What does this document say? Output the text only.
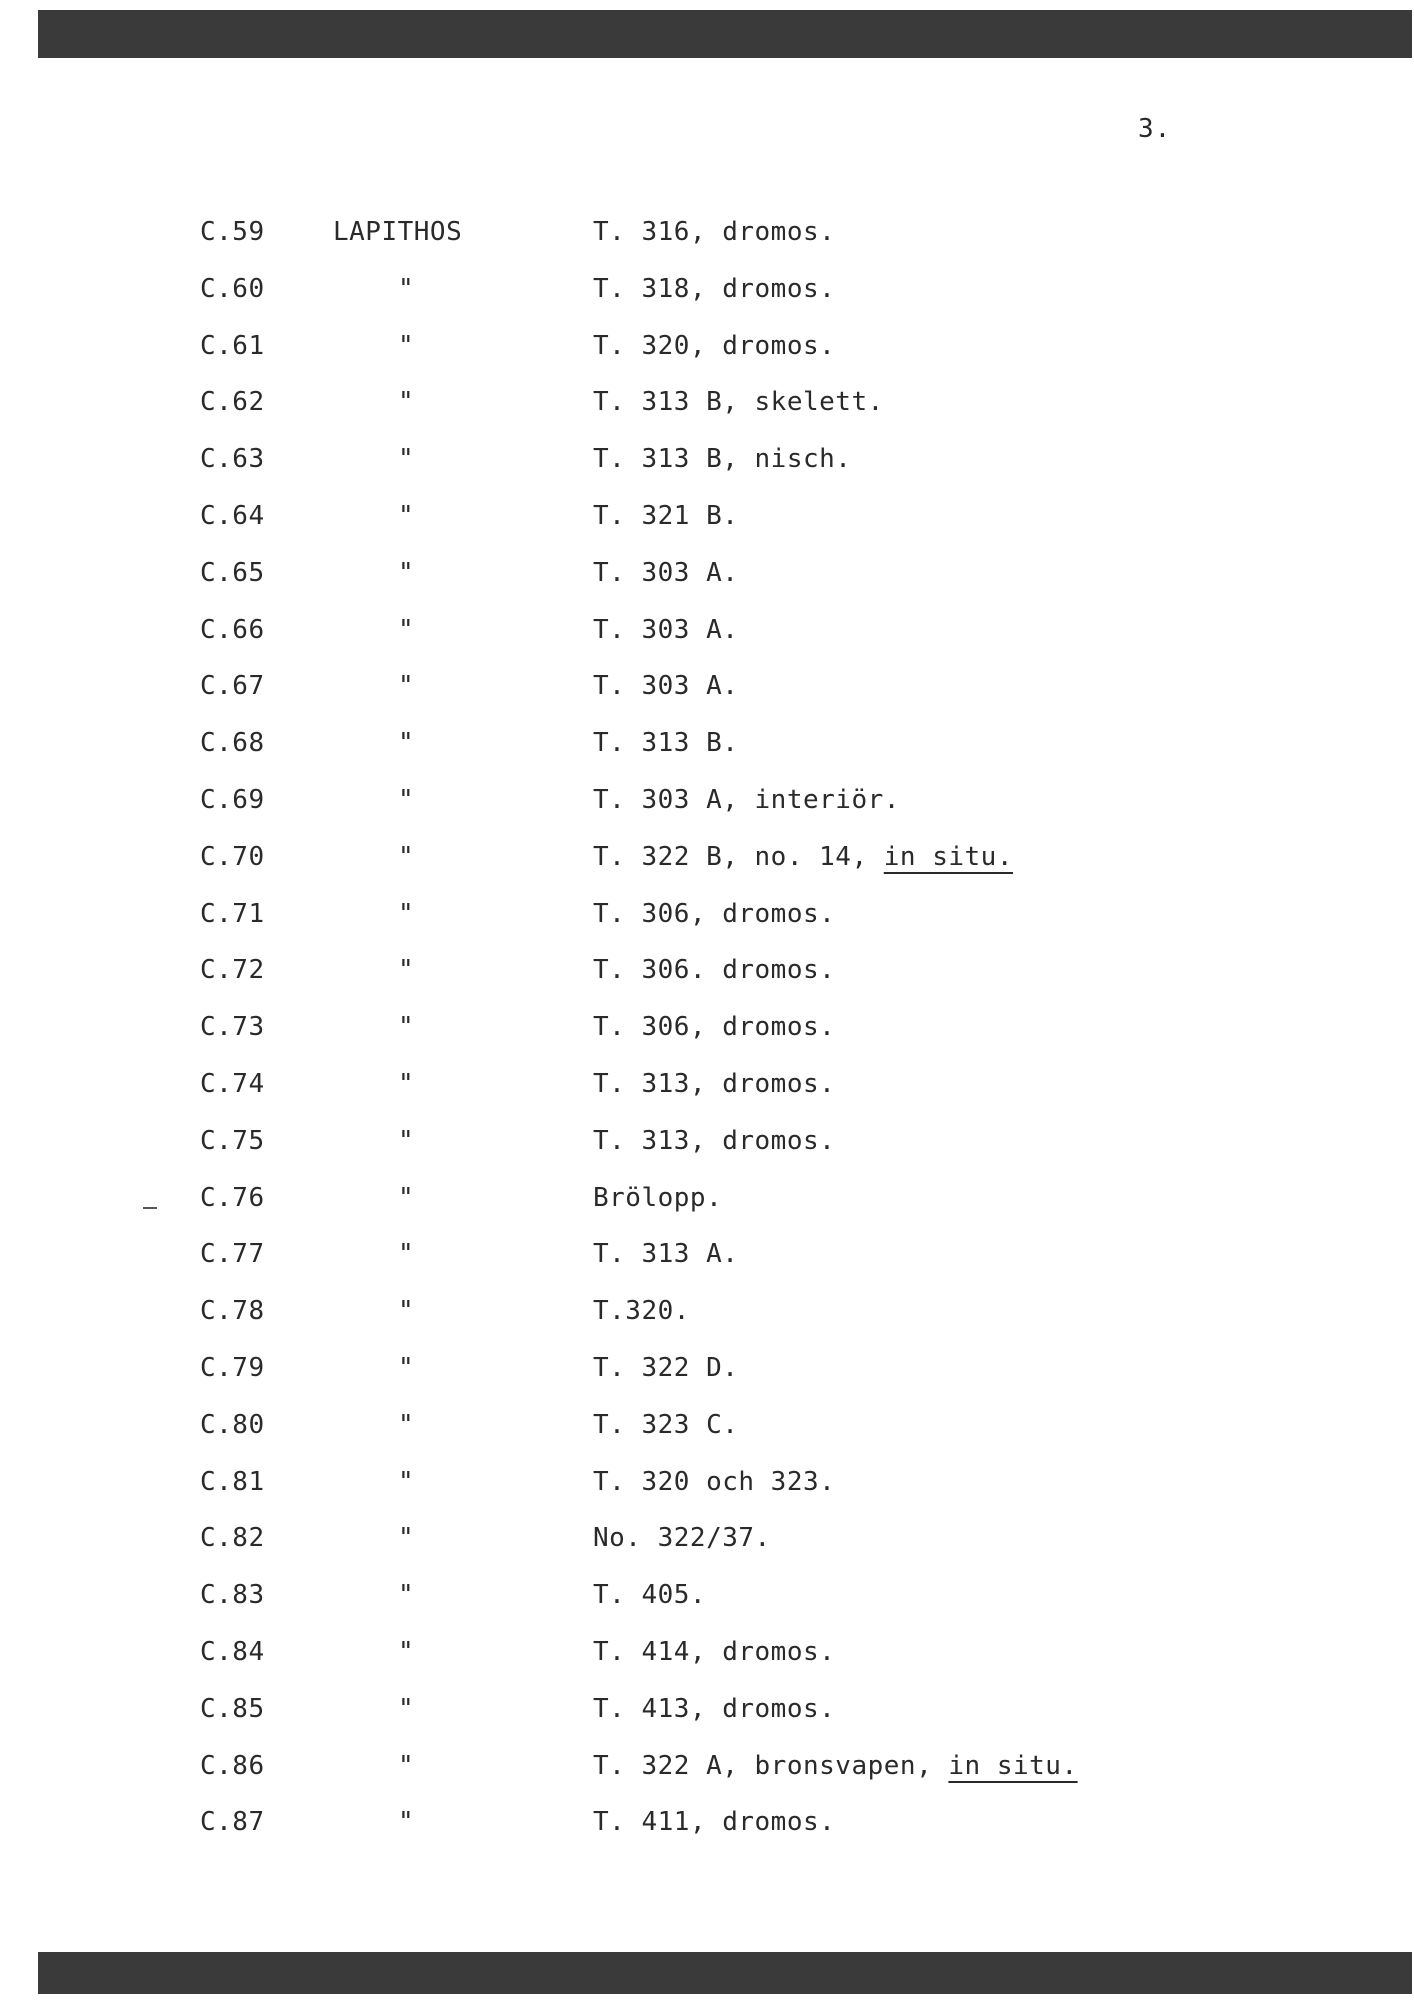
3.
C.59	LAPITHOS	T. 316, dromos.
C.60	"	T. 318, dromos.
C.61	"	T. 320, dromos.
C.62	"	T. 313 B, skelett.
C.63	"	T. 313 B, nisch.
C.64	"	T. 321 B.
C.65	"	T. 303 A.
C.66	"	T. 303 A.
C.67	"	T. 303 A.
C.68	"	T. 313 B.
C.69	"	T. 303 A, interiör.
C.70	"	T. 322 B, no. 14, in situ.
C.71	"	T. 306, dromos.
C.72	"	T. 306. dromos.
C.73	"	T. 306, dromos.
C.74	"	T. 313, dromos.
C.75	"	T. 313, dromos.
C.76	"	Brölopp.
C.77	"	T. 313 A.
C.78	"	T.320.
C.79	"	T. 322 D.
C.80	"	T. 323 C.
C.81	"	T. 320 och 323.
C.82	"	No. 322/37.
C.83	"	T. 405.
C.84	"	T. 414, dromos.
C.85	"	T. 413, dromos.
C.86	"	T. 322 A, bronsvapen, in situ.
C.87	"	T. 411, dromos.
